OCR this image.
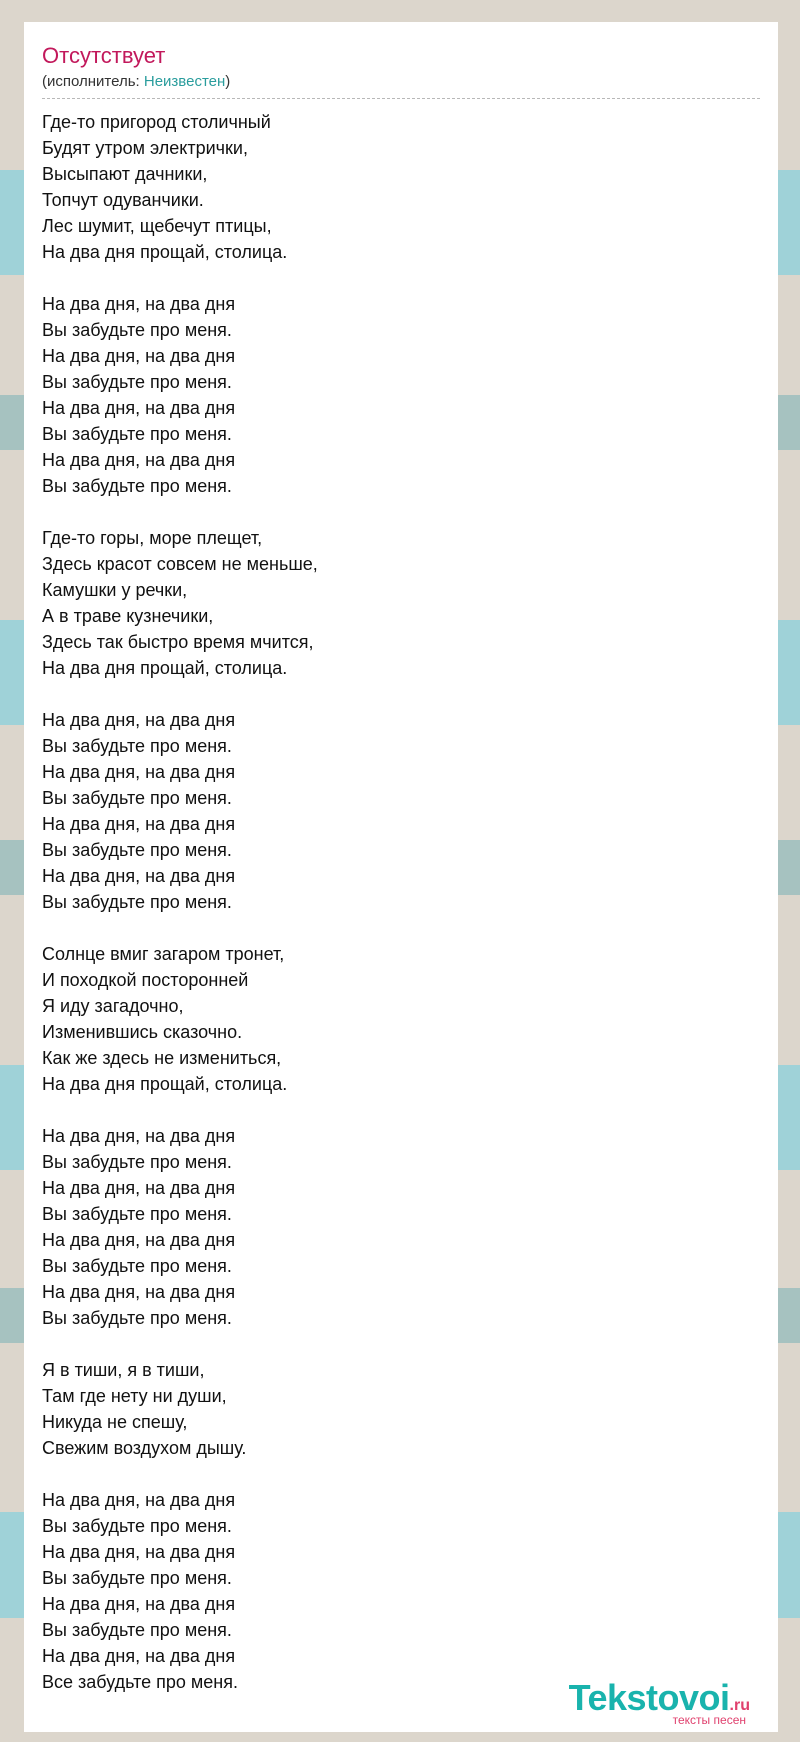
Отсутствует
(исполнитель: Неизвестен)
Где-то пригород столичный
Будят утром электрички,
Высыпают дачники,
Топчут одуванчики.
Лес шумит, щебечут птицы,
На два дня прощай, столица.
На два дня, на два дня
Вы забудьте про меня.
На два дня, на два дня
Вы забудьте про меня.
На два дня, на два дня
Вы забудьте про меня.
На два дня, на два дня
Вы забудьте про меня.
Где-то горы, море плещет,
Здесь красот совсем не меньше,
Камушки у речки,
А в траве кузнечики,
Здесь так быстро время мчится,
На два дня прощай, столица.
На два дня, на два дня
Вы забудьте про меня.
На два дня, на два дня
Вы забудьте про меня.
На два дня, на два дня
Вы забудьте про меня.
На два дня, на два дня
Вы забудьте про меня.
Солнце вмиг загаром тронет,
И походкой посторонней
Я иду загадочно,
Изменившись сказочно.
Как же здесь не измениться,
На два дня прощай, столица.
На два дня, на два дня
Вы забудьте про меня.
На два дня, на два дня
Вы забудьте про меня.
На два дня, на два дня
Вы забудьте про меня.
На два дня, на два дня
Вы забудьте про меня.
Я в тиши, я в тиши,
Там где нету ни души,
Никуда не спешу,
Свежим воздухом дышу.
На два дня, на два дня
Вы забудьте про меня.
На два дня, на два дня
Вы забудьте про меня.
На два дня, на два дня
Вы забудьте про меня.
На два дня, на два дня
Все забудьте про меня.	Tekstovoi.ru
тексты песен
